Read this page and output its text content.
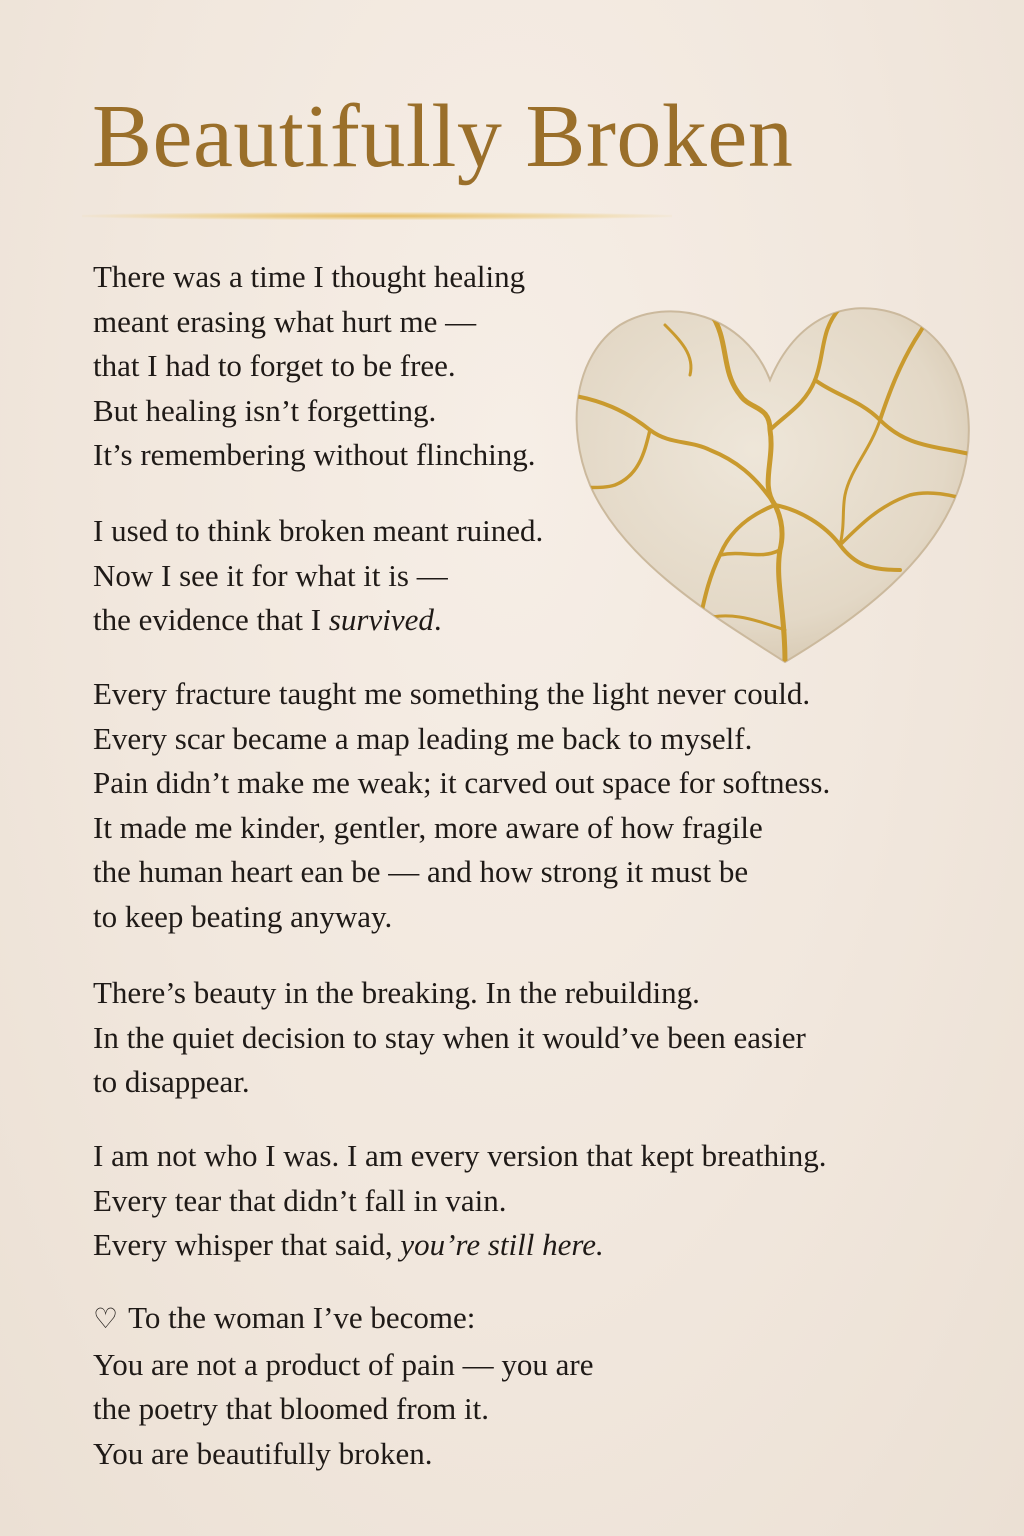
Beautifully Broken
There was a time I thought healing
meant erasing what hurt me —
that I had to forget to be free.
But healing isn’t forgetting.
It’s remembering without flinching.
I used to think broken meant ruined.
Now I see it for what it is —
the evidence that I survived.
Every fracture taught me something the light never could.
Every scar became a map leading me back to myself.
Pain didn’t make me weak; it carved out space for softness.
It made me kinder, gentler, more aware of how fragile
the human heart ean be — and how strong it must be
to keep beating anyway.
There’s beauty in the breaking. In the rebuilding.
In the quiet decision to stay when it would’ve been easier
to disappear.
I am not who I was. I am every version that kept breathing.
Every tear that didn’t fall in vain.
Every whisper that said, you’re still here.
♡ To the woman I’ve become:
You are not a product of pain — you are
the poetry that bloomed from it.
You are beautifully broken.
